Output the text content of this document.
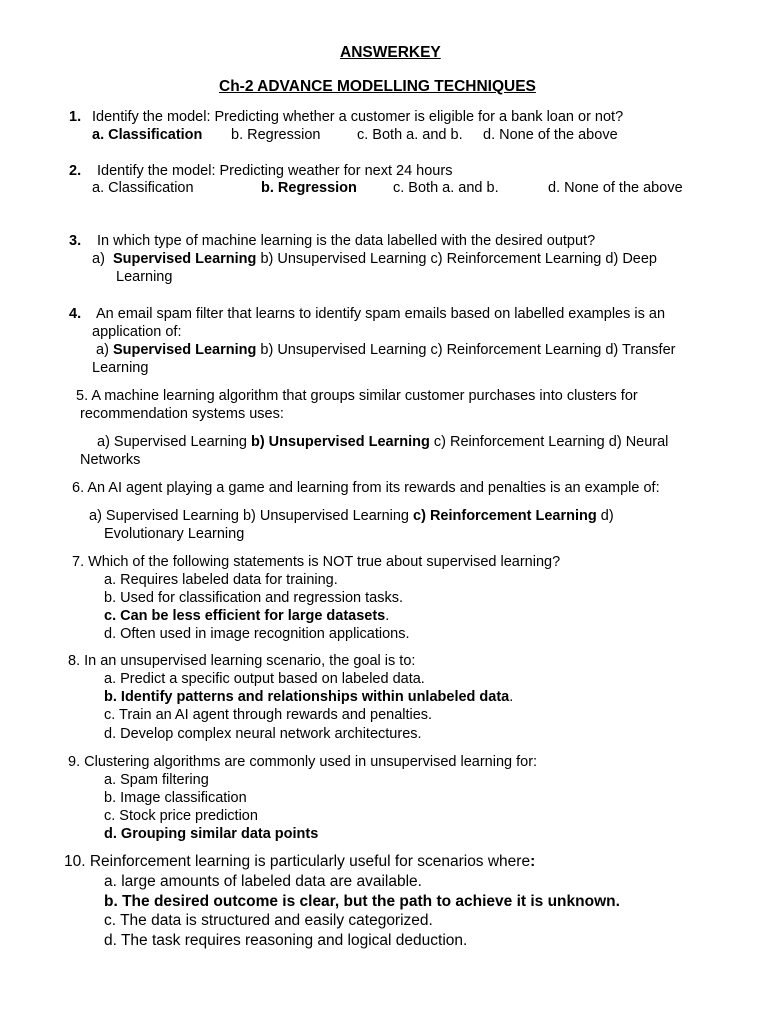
ANSWERKEY
Ch-2 ADVANCE MODELLING TECHNIQUES
1. Identify the model: Predicting whether a customer is eligible for a bank loan or not?
a. Classification b. Regression	c. Both a. and b. d. None of the above
2. Identify the model: Predicting weather for next 24 hours
a. Classification	b. Regression c. Both a. and b.	d. None of the above
3. In which type of machine learning is the data labelled with the desired output?
a) Supervised Learning b) Unsupervised Learning c) Reinforcement Learning d) Deep
Learning
4. An email spam filter that learns to identify spam emails based on labelled examples is an
application of:
a) Supervised Learning b) Unsupervised Learning c) Reinforcement Learning d) Transfer
Learning
5. A machine learning algorithm that groups similar customer purchases into clusters for
recommendation systems uses:
a) Supervised Learning b) Unsupervised Learning c) Reinforcement Learning d) Neural
Networks
6. An AI agent playing a game and learning from its rewards and penalties is an example of:
a) Supervised Learning b) Unsupervised Learning c) Reinforcement Learning d)
Evolutionary Learning
7. Which of the following statements is NOT true about supervised learning?
a. Requires labeled data for training.
b. Used for classification and regression tasks.
c. Can be less efficient for large datasets.
d. Often used in image recognition applications.
8. In an unsupervised learning scenario, the goal is to:
a. Predict a specific output based on labeled data.
b. Identify patterns and relationships within unlabeled data.
c. Train an AI agent through rewards and penalties.
d. Develop complex neural network architectures.
9. Clustering algorithms are commonly used in unsupervised learning for:
a. Spam filtering
b. Image classification
c. Stock price prediction
d. Grouping similar data points
10. Reinforcement learning is particularly useful for scenarios where:
a. large amounts of labeled data are available.
b. The desired outcome is clear, but the path to achieve it is unknown.
c. The data is structured and easily categorized.
d. The task requires reasoning and logical deduction.
